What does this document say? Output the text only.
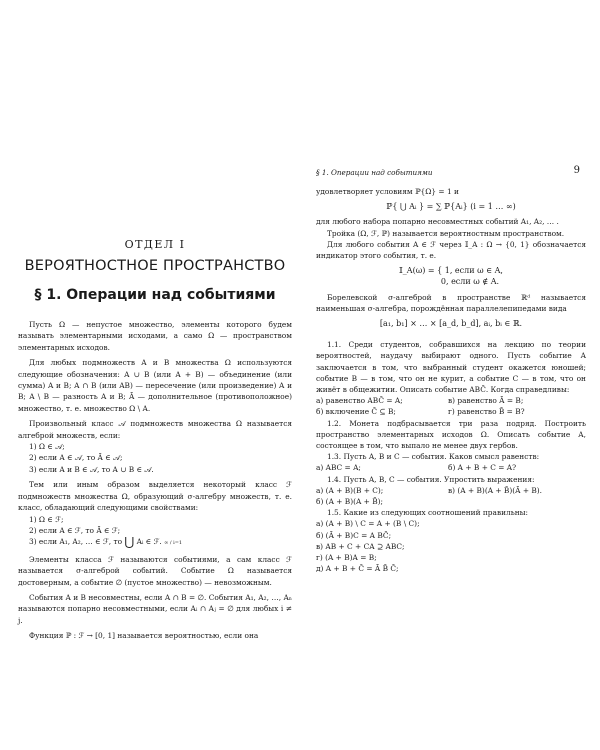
ОТДЕЛ I
ВЕРОЯТНОСТНОЕ ПРОСТРАНСТВО
§ 1. Операции над событиями

Пусть Ω — непустое множество, элементы которого будем называть элементарными исходами, а само Ω — пространством элементарных исходов.

Для любых подмножеств A и B множества Ω используются следующие обозначения: A ∪ B (или A + B) — объединение (или сумма) A и B; A ∩ B (или AB) — пересечение (или произведение) A и B; A \ B — разность A и B; Ā — дополнительное (противоположное) множество, т. е. множество Ω \ A.

Произвольный класс 𝒜 подмножеств множества Ω называется алгеброй множеств, если:

1) Ω ∈ 𝒜;

2) если A ∈ 𝒜, то Ā ∈ 𝒜;

3) если A и B ∈ 𝒜, то A ∪ B ∈ 𝒜.

Тем или иным образом выделяется некоторый класс ℱ подмножеств множества Ω, образующий σ-алгебру множеств, т. е. класс, обладающий следующими свойствами:

1) Ω ∈ ℱ;

2) если A ∈ ℱ, то Ā ∈ ℱ;

3) если A₁, A₂, … ∈ ℱ, то ⋃ Aᵢ ∈ ℱ. ∞ / i=1

Элементы класса ℱ называются событиями, а сам класс ℱ называется σ-алгеброй событий. Событие Ω называется достоверным, а событие ∅ (пустое множество) — невозможным.

События A и B несовместны, если A ∩ B = ∅. События A₁, A₂, …, Aₙ называются попарно несовместными, если Aᵢ ∩ Aⱼ = ∅ для любых i ≠ j.

Функция ℙ : ℱ → [0, 1] называется вероятностью, если она

§ 1. Операции над событиями	9

удовлетворяет условиям ℙ{Ω} = 1 и

ℙ{ ⋃ Aᵢ } = ∑ ℙ{Aᵢ} (i = 1 … ∞)

для любого набора попарно несовместных событий A₁, A₂, … .

Тройка (Ω, ℱ, ℙ) называется вероятностным пространством.

Для любого события A ∈ ℱ через 𝕀_A : Ω → {0, 1} обозначается индикатор этого события, т. е.

𝕀_A(ω) = { 1, если ω ∈ A,
0, если ω ∉ A.

Борелевской σ-алгеброй в пространстве ℝᵈ называется наименьшая σ-алгебра, порождённая параллелепипедами вида

[a₁, b₁] × … × [a_d, b_d], aᵢ, bᵢ ∈ ℝ.

1.1. Среди студентов, собравшихся на лекцию по теории вероятностей, наудачу выбирают одного. Пусть событие A заключается в том, что выбранный студент окажется юношей; событие B — в том, что он не курит, а событие C — в том, что он живёт в общежитии. Описать событие ABC̄. Когда справедливы:

а) равенство ABC̄ = A;	в) равенство Ā = B;
б) включение C̄ ⊆ B;	г) равенство B̄ = B?

1.2. Монета подбрасывается три раза подряд. Построить пространство элементарных исходов Ω. Описать событие A, состоящее в том, что выпало не менее двух гербов.

1.3. Пусть A, B и C — события. Каков смысл равенств:

а) ABC = A;	б) A + B + C = A?

1.4. Пусть A, B, C — события. Упростить выражения:

а) (A + B)(B + C);	в) (A + B)(A + B̄)(Ā + B).
б) (A + B)(A + B̄);

1.5. Какие из следующих соотношений правильны:

а) (A + B) \ C = A + (B \ C);

б) (Ā + B)C = A BC̄;

в) AB + C + CA ⊇ ABC;

г) (A + B)A = B;

д) A + B + C̄ = Ā B̄ C̄;
